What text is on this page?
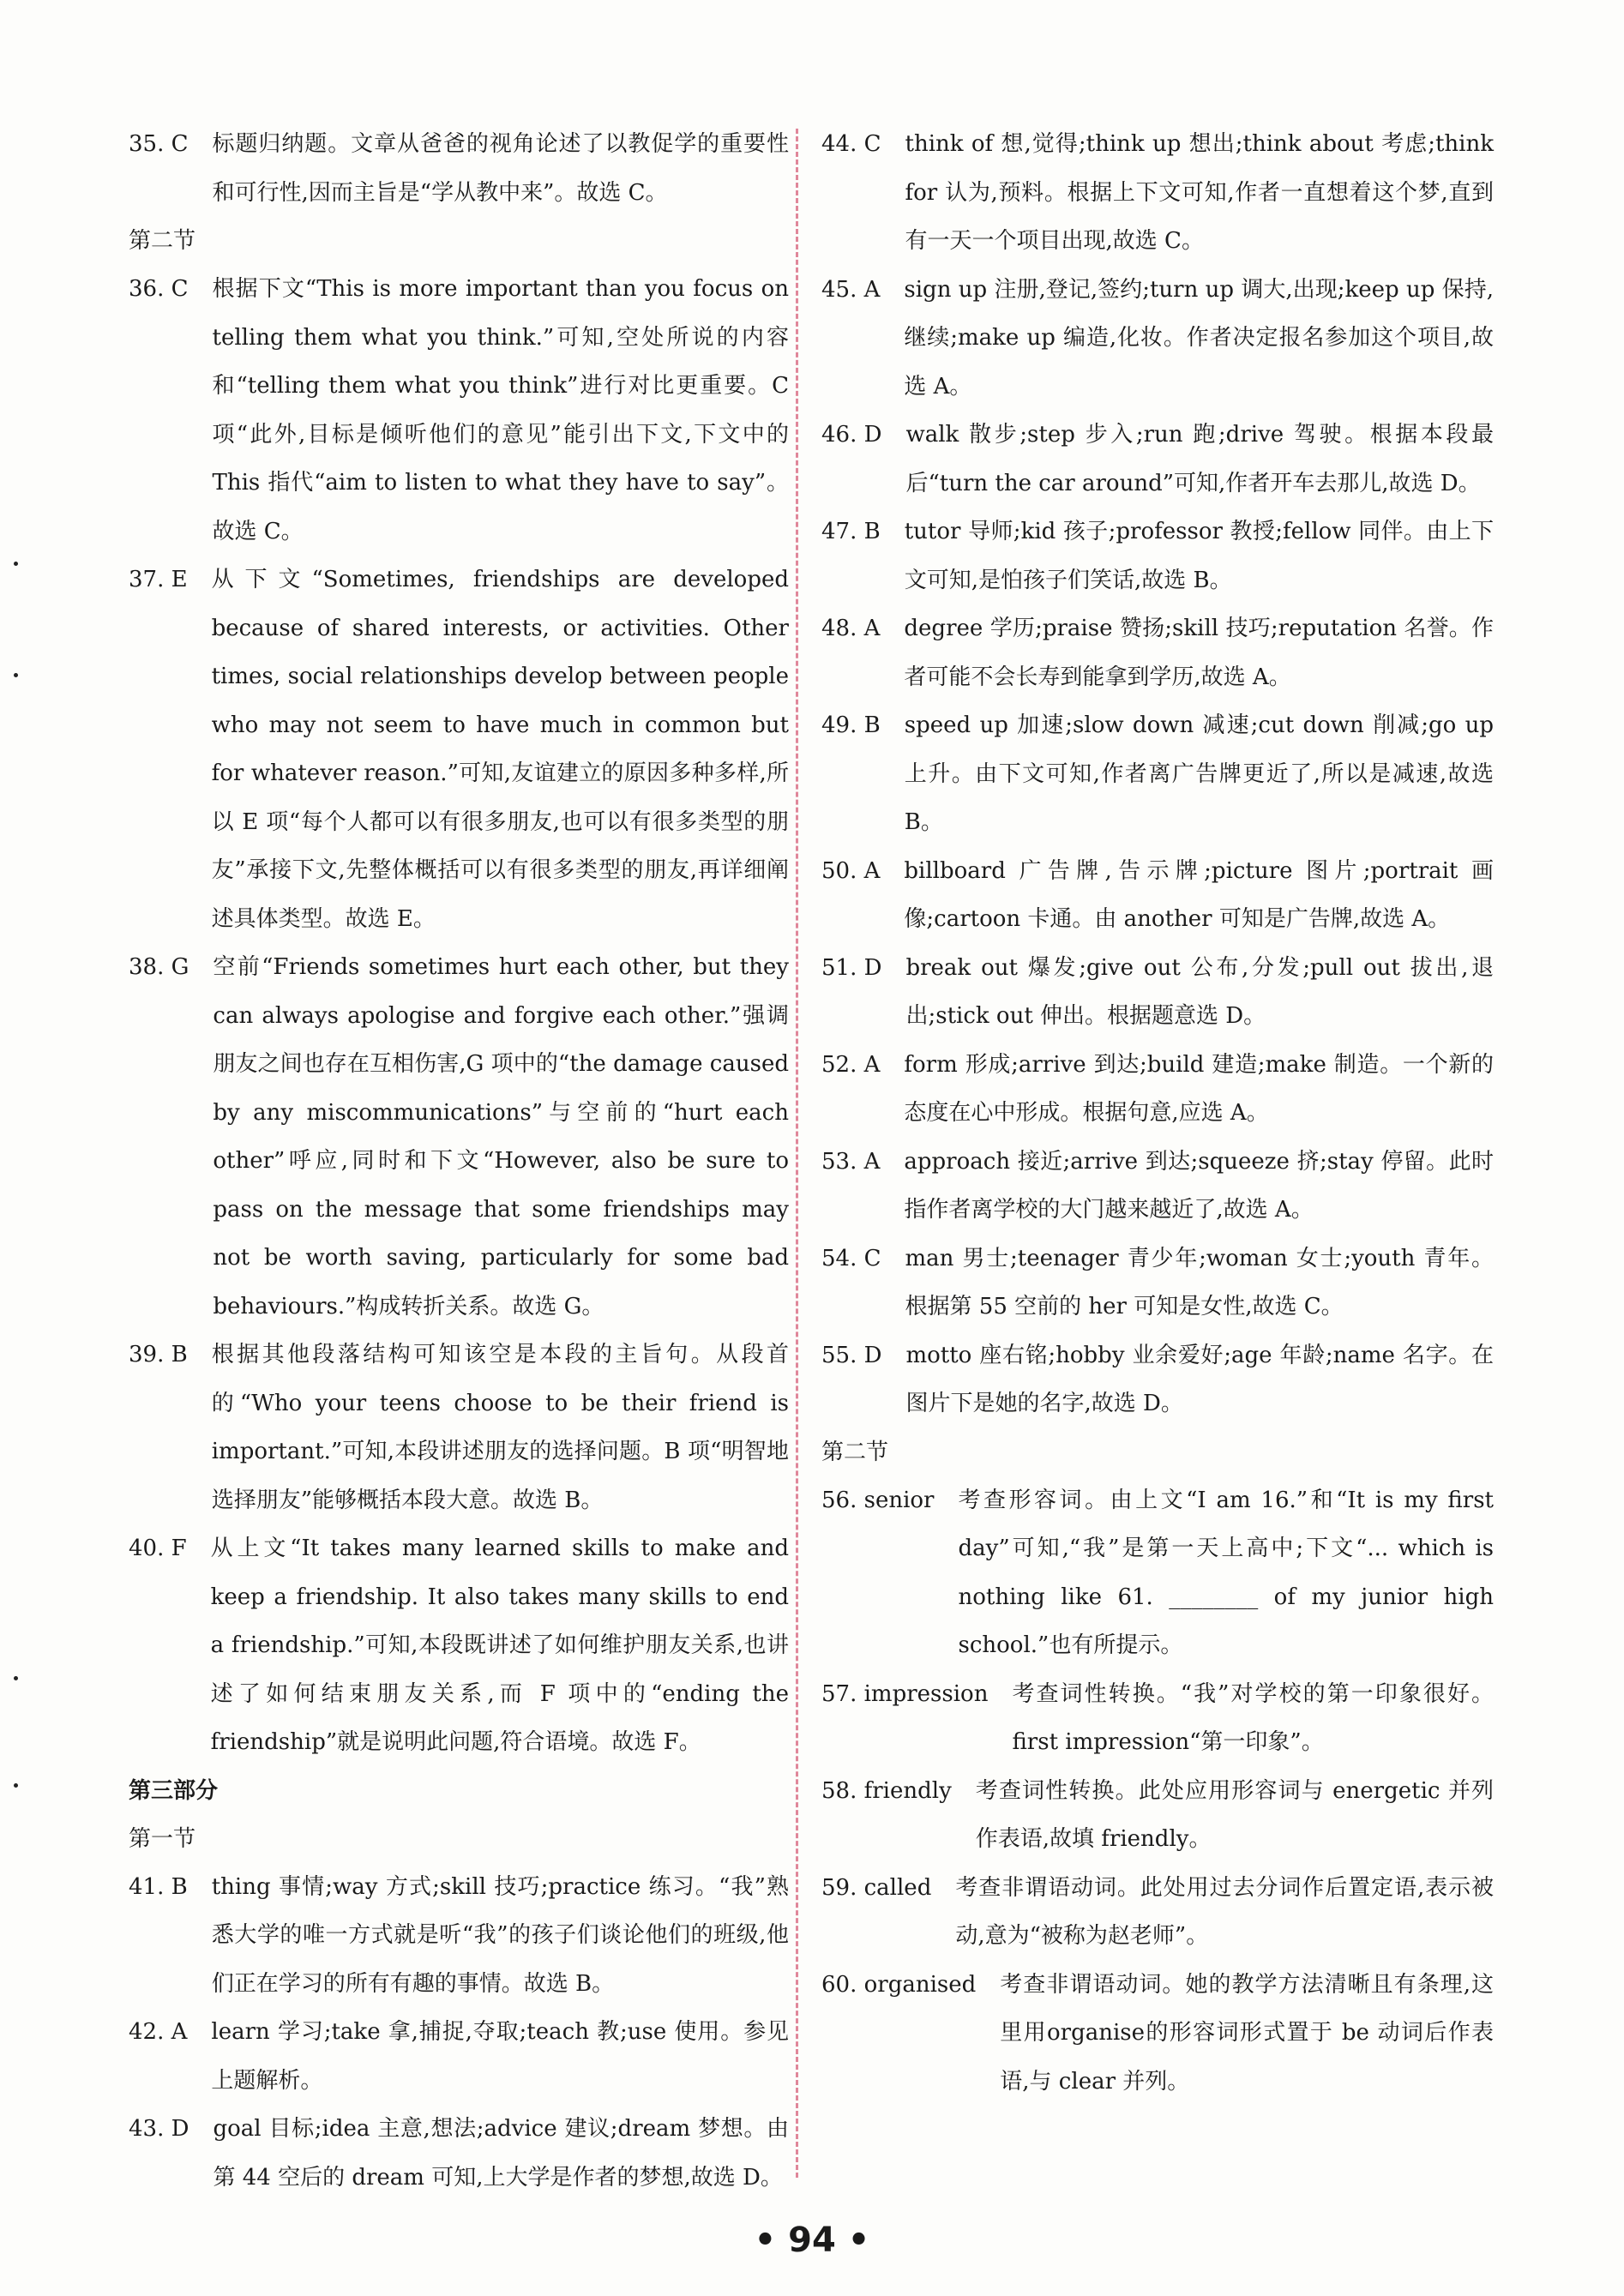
35. C 标题归纳题。文章从爸爸的视角论述了以教促学的重要性和可行性,因而主旨是“学从教中来”。故选 C。
第二节
36. C 根据下文“This is more important than you focus on telling them what you think.”可知,空处所说的内容和“telling them what you think”进行对比更重要。C 项“此外,目标是倾听他们的意见”能引出下文,下文中的 This 指代“aim to listen to what they have to say”。故选 C。
37. E 从下文“Sometimes, friendships are developed because of shared interests, or activities. Other times, social relationships develop between people who may not seem to have much in common but for whatever reason.”可知,友谊建立的原因多种多样,所以 E 项“每个人都可以有很多朋友,也可以有很多类型的朋友”承接下文,先整体概括可以有很多类型的朋友,再详细阐述具体类型。故选 E。
38. G 空前“Friends sometimes hurt each other, but they can always apologise and forgive each other.”强调朋友之间也存在互相伤害,G 项中的“the damage caused by any miscommunications”与空前的“hurt each other”呼应,同时和下文“However, also be sure to pass on the message that some friendships may not be worth saving, particularly for some bad behaviours.”构成转折关系。故选 G。
39. B 根据其他段落结构可知该空是本段的主旨句。从段首的“Who your teens choose to be their friend is important.”可知,本段讲述朋友的选择问题。B 项“明智地选择朋友”能够概括本段大意。故选 B。
40. F 从上文“It takes many learned skills to make and keep a friendship. It also takes many skills to end a friendship.”可知,本段既讲述了如何维护朋友关系,也讲述了如何结束朋友关系,而 F 项中的“ending the friendship”就是说明此问题,符合语境。故选 F。
第三部分
第一节
41. B thing 事情;way 方式;skill 技巧;practice 练习。“我”熟悉大学的唯一方式就是听“我”的孩子们谈论他们的班级,他们正在学习的所有有趣的事情。故选 B。
42. A learn 学习;take 拿,捕捉,夺取;teach 教;use 使用。参见上题解析。
43. D goal 目标;idea 主意,想法;advice 建议;dream 梦想。由第 44 空后的 dream 可知,上大学是作者的梦想,故选 D。
44. C think of 想,觉得;think up 想出;think about 考虑;think for 认为,预料。根据上下文可知,作者一直想着这个梦,直到有一天一个项目出现,故选 C。
45. A sign up 注册,登记,签约;turn up 调大,出现;keep up 保持,继续;make up 编造,化妆。作者决定报名参加这个项目,故选 A。
46. D walk 散步;step 步入;run 跑;drive 驾驶。根据本段最后“turn the car around”可知,作者开车去那儿,故选 D。
47. B tutor 导师;kid 孩子;professor 教授;fellow 同伴。由上下文可知,是怕孩子们笑话,故选 B。
48. A degree 学历;praise 赞扬;skill 技巧;reputation 名誉。作者可能不会长寿到能拿到学历,故选 A。
49. B speed up 加速;slow down 减速;cut down 削减;go up 上升。由下文可知,作者离广告牌更近了,所以是减速,故选 B。
50. A billboard 广告牌,告示牌;picture 图片;portrait 画像;cartoon 卡通。由 another 可知是广告牌,故选 A。
51. D break out 爆发;give out 公布,分发;pull out 拔出,退出;stick out 伸出。根据题意选 D。
52. A form 形成;arrive 到达;build 建造;make 制造。一个新的态度在心中形成。根据句意,应选 A。
53. A approach 接近;arrive 到达;squeeze 挤;stay 停留。此时指作者离学校的大门越来越近了,故选 A。
54. C man 男士;teenager 青少年;woman 女士;youth 青年。根据第 55 空前的 her 可知是女性,故选 C。
55. D motto 座右铭;hobby 业余爱好;age 年龄;name 名字。在图片下是她的名字,故选 D。
第二节
56. senior 考查形容词。由上文“I am 16.”和“It is my first day”可知,“我”是第一天上高中;下文“... which is nothing like 61. ________ of my junior high school.”也有所提示。
57. impression 考查词性转换。“我”对学校的第一印象很好。first impression“第一印象”。
58. friendly 考查词性转换。此处应用形容词与 energetic 并列作表语,故填 friendly。
59. called 考查非谓语动词。此处用过去分词作后置定语,表示被动,意为“被称为赵老师”。
60. organised 考查非谓语动词。她的教学方法清晰且有条理,这里用organise的形容词形式置于 be 动词后作表语,与 clear 并列。
• 94 •
